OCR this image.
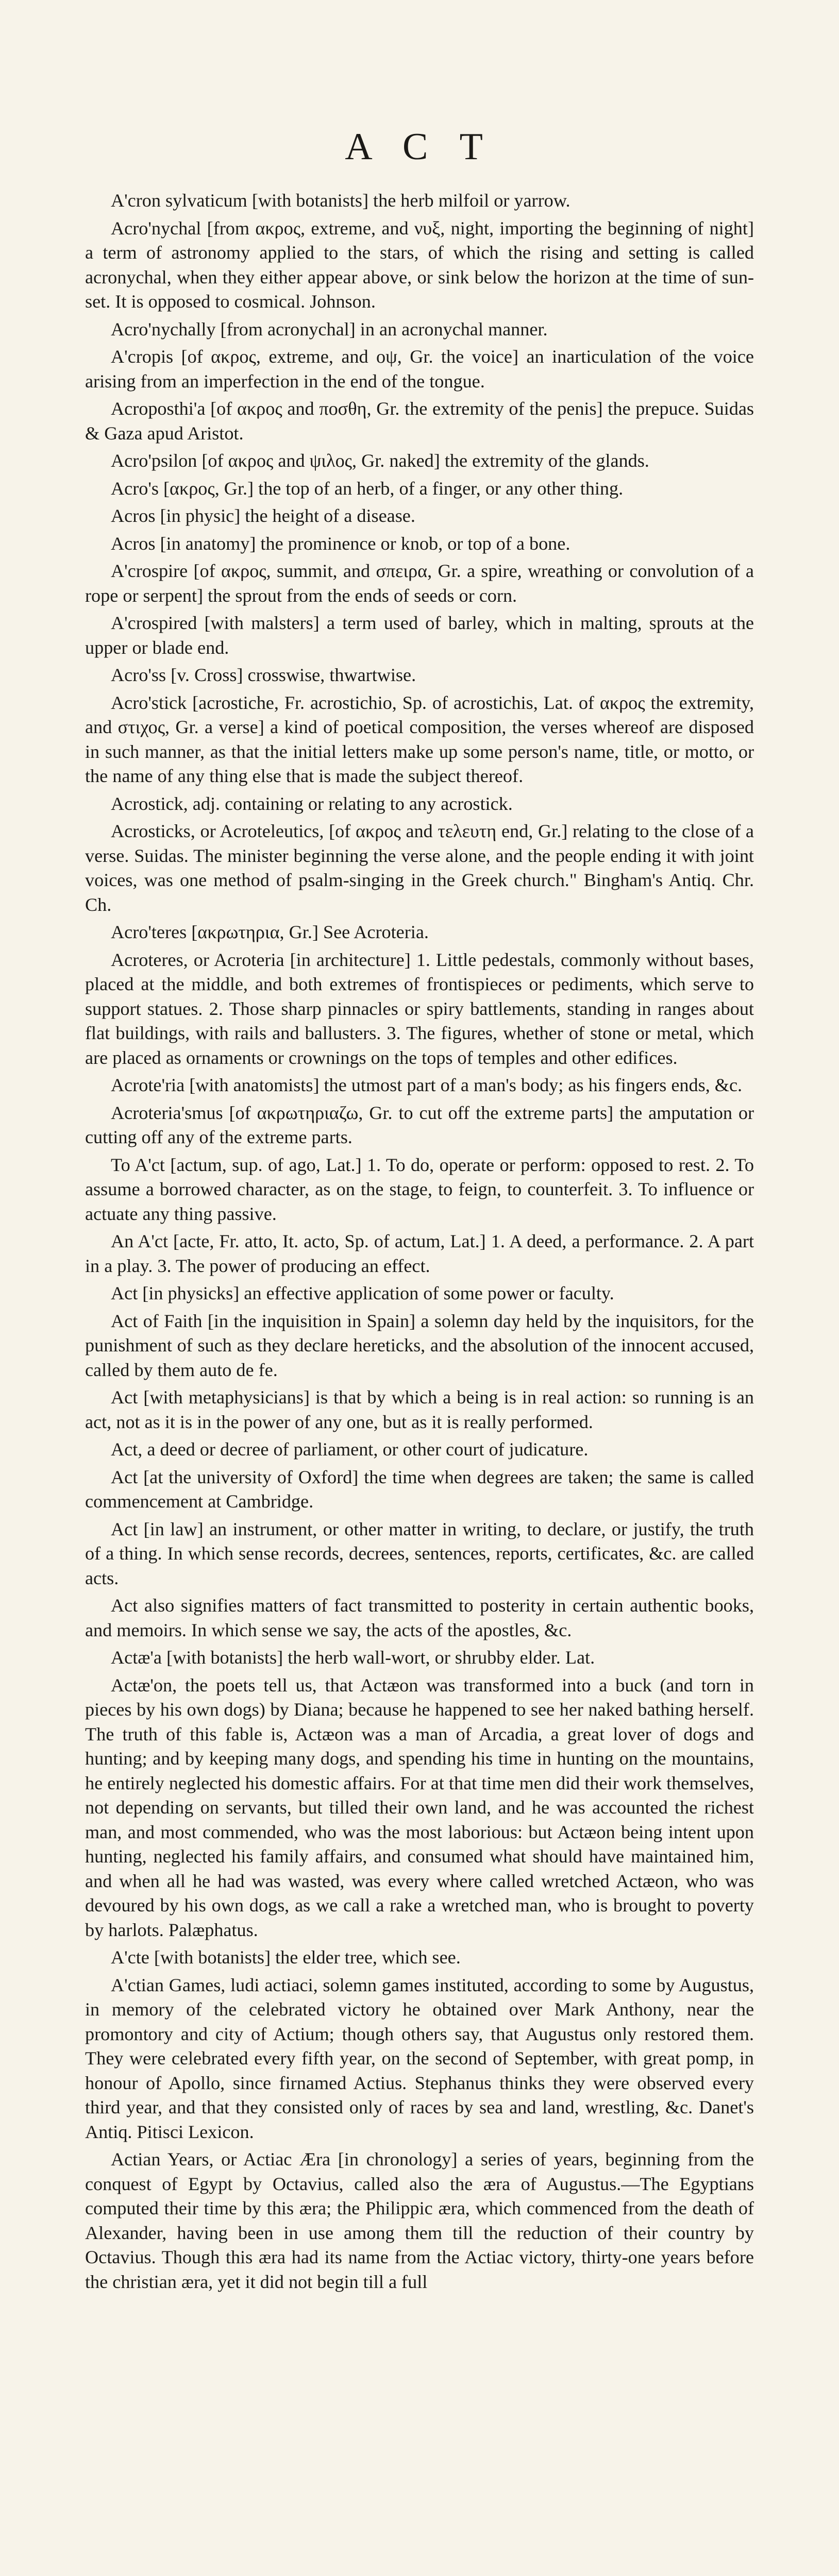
A C T

A'cron sylvaticum [with botanists] the herb milfoil or yarrow.

Acro'nychal [from ακρος, extreme, and νυξ, night, importing the beginning of night] a term of astronomy applied to the stars, of which the rising and setting is called acronychal, when they either appear above, or sink below the horizon at the time of sun-set. It is opposed to cosmical. Johnson.

Acro'nychally [from acronychal] in an acronychal manner.

A'cropis [of ακρος, extreme, and οψ, Gr. the voice] an inarticulation of the voice arising from an imperfection in the end of the tongue.

Acroposthi'a [of ακρος and ποσθη, Gr. the extremity of the penis] the prepuce. Suidas & Gaza apud Aristot.

Acro'psilon [of ακρος and ψιλος, Gr. naked] the extremity of the glands.

Acro's [ακρος, Gr.] the top of an herb, of a finger, or any other thing.

Acros [in physic] the height of a disease.

Acros [in anatomy] the prominence or knob, or top of a bone.

A'crospire [of ακρος, summit, and σπειρα, Gr. a spire, wreathing or convolution of a rope or serpent] the sprout from the ends of seeds or corn.

A'crospired [with malsters] a term used of barley, which in malting, sprouts at the upper or blade end.

Acro'ss [v. Cross] crosswise, thwartwise.

Acro'stick [acrostiche, Fr. acrostichio, Sp. of acrostichis, Lat. of ακρος the extremity, and στιχος, Gr. a verse] a kind of poetical composition, the verses whereof are disposed in such manner, as that the initial letters make up some person's name, title, or motto, or the name of any thing else that is made the subject thereof.

Acrostick, adj. containing or relating to any acrostick.

Acrosticks, or Acroteleutics, [of ακρος and τελευτη end, Gr.] relating to the close of a verse. Suidas. The minister beginning the verse alone, and the people ending it with joint voices, was one method of psalm-singing in the Greek church." Bingham's Antiq. Chr. Ch.

Acro'teres [ακρωτηρια, Gr.] See Acroteria.

Acroteres, or Acroteria [in architecture] 1. Little pedestals, commonly without bases, placed at the middle, and both extremes of frontispieces or pediments, which serve to support statues. 2. Those sharp pinnacles or spiry battlements, standing in ranges about flat buildings, with rails and ballusters. 3. The figures, whether of stone or metal, which are placed as ornaments or crownings on the tops of temples and other edifices.

Acrote'ria [with anatomists] the utmost part of a man's body; as his fingers ends, &c.

Acroteria'smus [of ακρωτηριαζω, Gr. to cut off the extreme parts] the amputation or cutting off any of the extreme parts.

To A'ct [actum, sup. of ago, Lat.] 1. To do, operate or perform: opposed to rest. 2. To assume a borrowed character, as on the stage, to feign, to counterfeit. 3. To influence or actuate any thing passive.

An A'ct [acte, Fr. atto, It. acto, Sp. of actum, Lat.] 1. A deed, a performance. 2. A part in a play. 3. The power of producing an effect.

Act [in physicks] an effective application of some power or faculty.

Act of Faith [in the inquisition in Spain] a solemn day held by the inquisitors, for the punishment of such as they declare hereticks, and the absolution of the innocent accused, called by them auto de fe.

Act [with metaphysicians] is that by which a being is in real action: so running is an act, not as it is in the power of any one, but as it is really performed.

Act, a deed or decree of parliament, or other court of judicature.

Act [at the university of Oxford] the time when degrees are taken; the same is called commencement at Cambridge.

Act [in law] an instrument, or other matter in writing, to declare, or justify, the truth of a thing. In which sense records, decrees, sentences, reports, certificates, &c. are called acts.

Act also signifies matters of fact transmitted to posterity in certain authentic books, and memoirs. In which sense we say, the acts of the apostles, &c.

Actæ'a [with botanists] the herb wall-wort, or shrubby elder. Lat.

Actæ'on, the poets tell us, that Actæon was transformed into a buck (and torn in pieces by his own dogs) by Diana; because he happened to see her naked bathing herself. The truth of this fable is, Actæon was a man of Arcadia, a great lover of dogs and hunting; and by keeping many dogs, and spending his time in hunting on the mountains, he entirely neglected his domestic affairs. For at that time men did their work themselves, not depending on servants, but tilled their own land, and he was accounted the richest man, and most commended, who was the most laborious: but Actæon being intent upon hunting, neglected his family affairs, and consumed what should have maintained him, and when all he had was wasted, was every where called wretched Actæon, who was devoured by his own dogs, as we call a rake a wretched man, who is brought to poverty by harlots. Palæphatus.

A'cte [with botanists] the elder tree, which see.

A'ctian Games, ludi actiaci, solemn games instituted, according to some by Augustus, in memory of the celebrated victory he obtained over Mark Anthony, near the promontory and city of Actium; though others say, that Augustus only restored them. They were celebrated every fifth year, on the second of September, with great pomp, in honour of Apollo, since firnamed Actius. Stephanus thinks they were observed every third year, and that they consisted only of races by sea and land, wrestling, &c. Danet's Antiq. Pitisci Lexicon.

Actian Years, or Actiac Æra [in chronology] a series of years, beginning from the conquest of Egypt by Octavius, called also the æra of Augustus.—The Egyptians computed their time by this æra; the Philippic æra, which commenced from the death of Alexander, having been in use among them till the reduction of their country by Octavius. Though this æra had its name from the Actiac victory, thirty-one years before the christian æra, yet it did not begin till a full
